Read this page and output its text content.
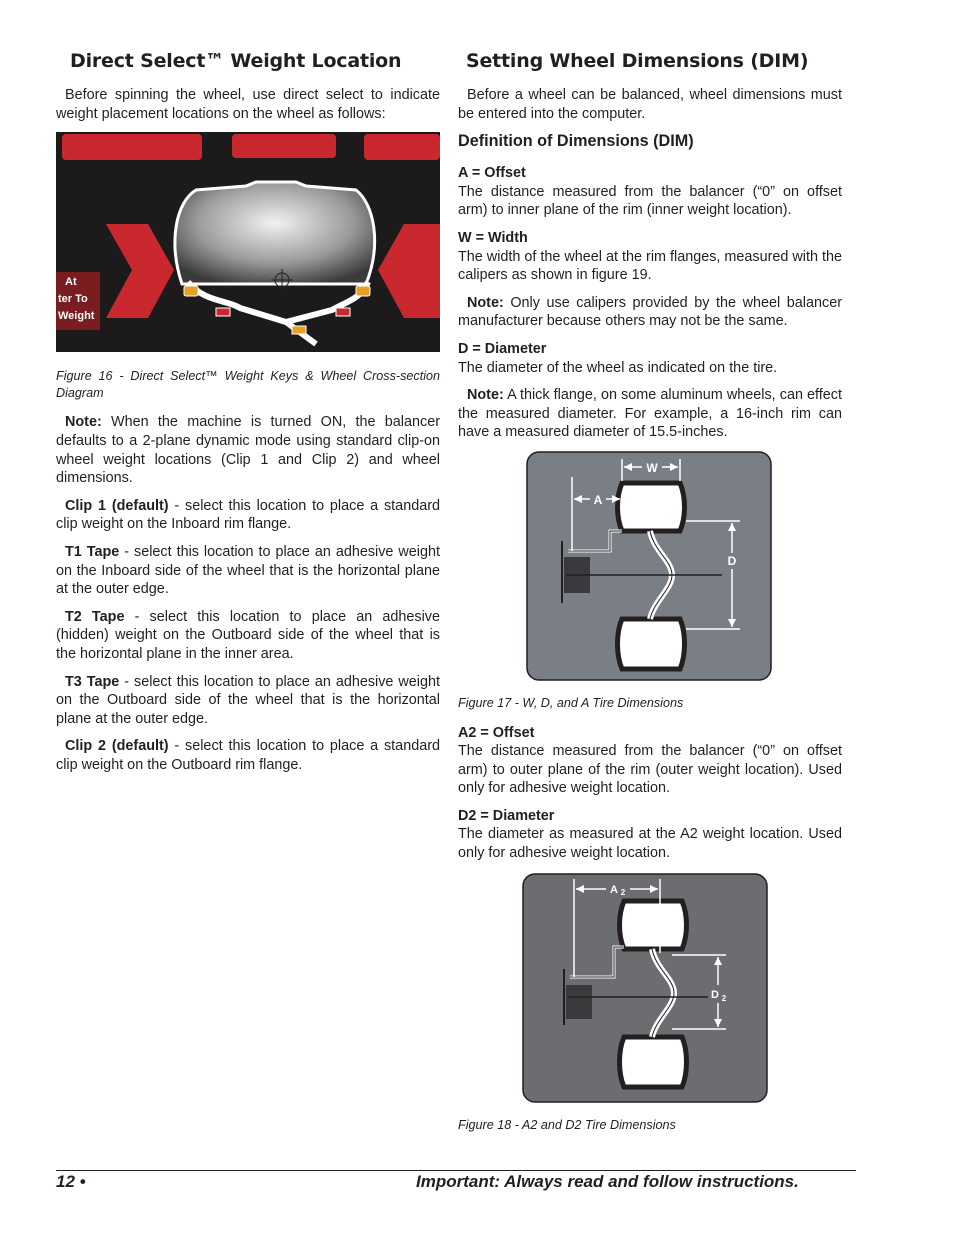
Direct Select™ Weight Location

Before spinning the wheel, use direct select to indicate weight placement locations on the wheel as follows:

At
ter To
Weight

Figure 16 - Direct Select™ Weight Keys & Wheel Cross-section Diagram

Note: When the machine is turned ON, the balancer defaults to a 2-plane dynamic mode using standard clip-on wheel weight locations (Clip 1 and Clip 2) and wheel dimensions.

Clip 1 (default) - select this location to place a standard clip weight on the Inboard rim flange.

T1 Tape - select this location to place an adhesive weight on the Inboard side of the wheel that is the horizontal plane at the outer edge.

T2 Tape - select this location to place an adhesive (hidden) weight on the Outboard side of the wheel that is the horizontal plane in the inner area.

T3 Tape - select this location to place an adhesive weight on the Outboard side of the wheel that is the horizontal plane at the outer edge.

Clip 2 (default) - select this location to place a standard clip weight on the Outboard rim flange.

Setting Wheel Dimensions (DIM)

Before a wheel can be balanced, wheel dimensions must be entered into the computer.

Definition of Dimensions (DIM)
A = Offset

The distance measured from the balancer (“0” on offset arm) to inner plane of the rim (inner weight location).

W = Width

The width of the wheel at the rim flanges, measured with the calipers as shown in figure 19.

Note: Only use calipers provided by the wheel balancer manufacturer because others may not be the same.

D = Diameter

The diameter of the wheel as indicated on the tire.

Note: A thick flange, on some aluminum wheels, can effect the measured diameter. For example, a 16-inch rim can have a measured diameter of 15.5-inches.

W
A
D

Figure 17 - W, D, and A Tire Dimensions

A2 = Offset

The distance measured from the balancer (“0” on offset arm) to outer plane of the rim (outer weight location). Used only for adhesive weight location.

D2 = Diameter

The diameter as measured at the A2 weight location. Used only for adhesive weight location.

A 2
D 2

Figure 18 - A2 and D2 Tire Dimensions

12 •	Important: Always read and follow instructions.
